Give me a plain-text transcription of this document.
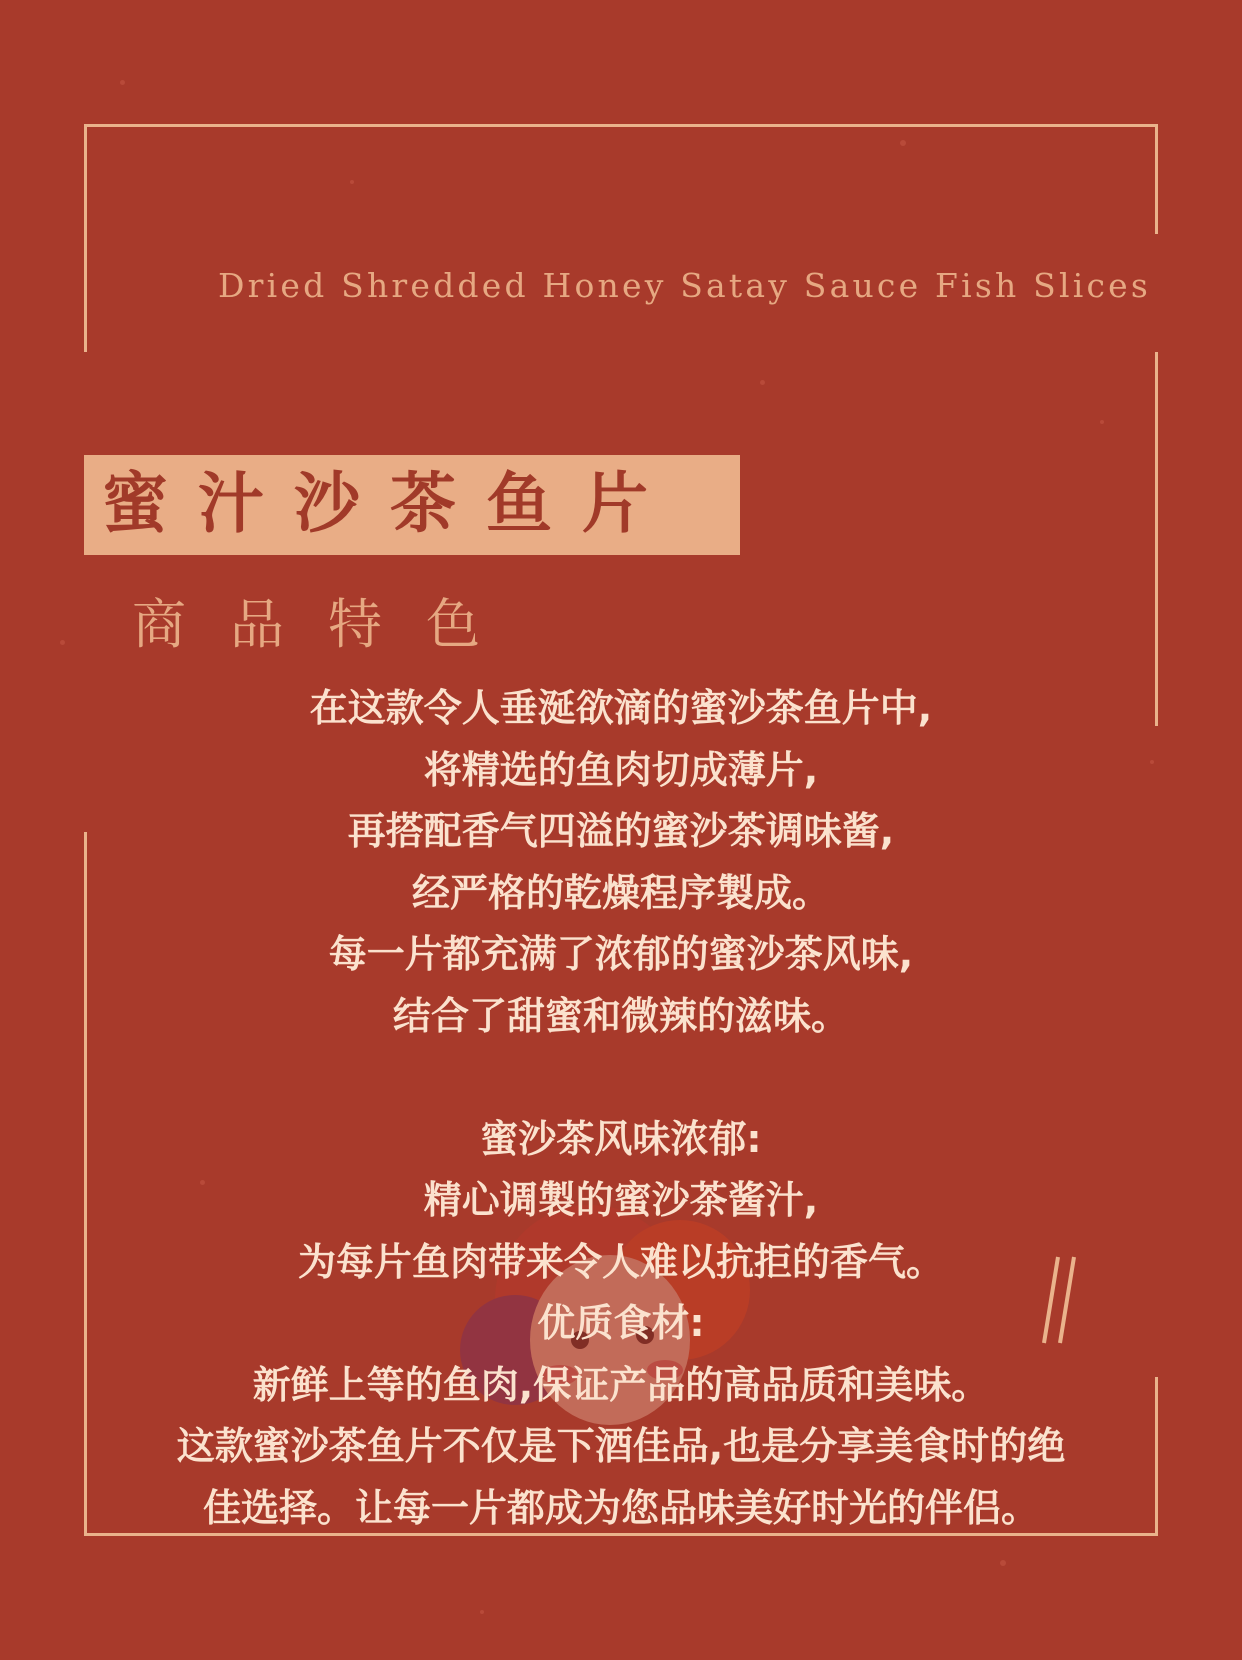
Dried Shredded Honey Satay Sauce Fish Slices
蜜汁沙茶鱼片
商品特色

在这款令人垂涎欲滴的蜜沙茶鱼片中,

将精选的鱼肉切成薄片,

再搭配香气四溢的蜜沙茶调味酱,

经严格的乾燥程序製成。

每一片都充满了浓郁的蜜沙茶风味,

结合了甜蜜和微辣的滋味。

蜜沙茶风味浓郁:

精心调製的蜜沙茶酱汁,

为每片鱼肉带来令人难以抗拒的香气。

优质食材:

新鲜上等的鱼肉,保证产品的高品质和美味。

这款蜜沙茶鱼片不仅是下酒佳品,也是分享美食时的绝

佳选择。让每一片都成为您品味美好时光的伴侣。
